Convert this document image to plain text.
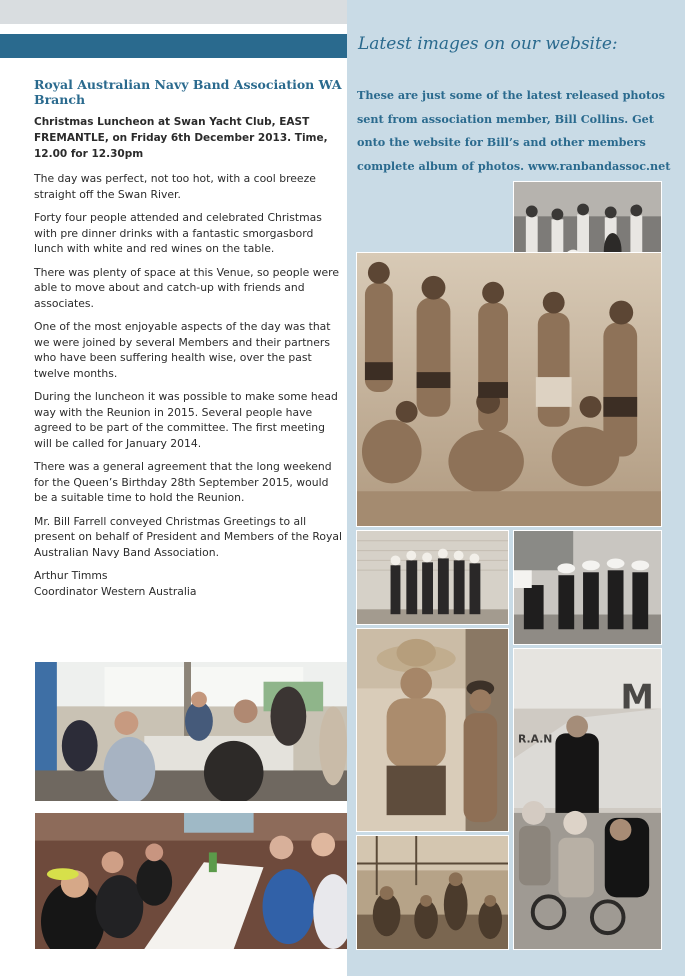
Royal Australian Navy Band Association WA Branch
Christmas Luncheon at Swan Yacht Club, EAST FREMANTLE, on Friday 6th December 2013. Time, 12.00 for 12.30pm

The day was perfect, not too hot, with a cool breeze straight off the Swan River.

Forty four people attended and celebrated Christmas with pre dinner drinks with a fantastic smorgasbord lunch with white and red wines on the table.

There was plenty of space at this Venue, so people were able to move about and catch-up with friends and associates.

One of the most enjoyable aspects of the day was that we were joined by several Members and their partners who have been suffering health wise, over the past twelve months.

During the luncheon it was possible to make some head way with the Reunion in 2015. Several people have agreed to be part of the committee. The first meeting will be called for January 2014.

There was a general agreement that the long weekend for the Queen’s Birthday 28th September 2015, would be a suitable time to hold the Reunion.

Mr. Bill Farrell conveyed Christmas Greetings to all present on behalf of President and Members of the Royal Australian Navy Band Association.

Arthur Timms
Coordinator Western Australia
Latest images on our website:

These are just some of the latest released photos sent from association member, Bill Collins. Get onto the website for Bill’s and other members complete album of photos. www.ranbandassoc.net

M
R.A.N
